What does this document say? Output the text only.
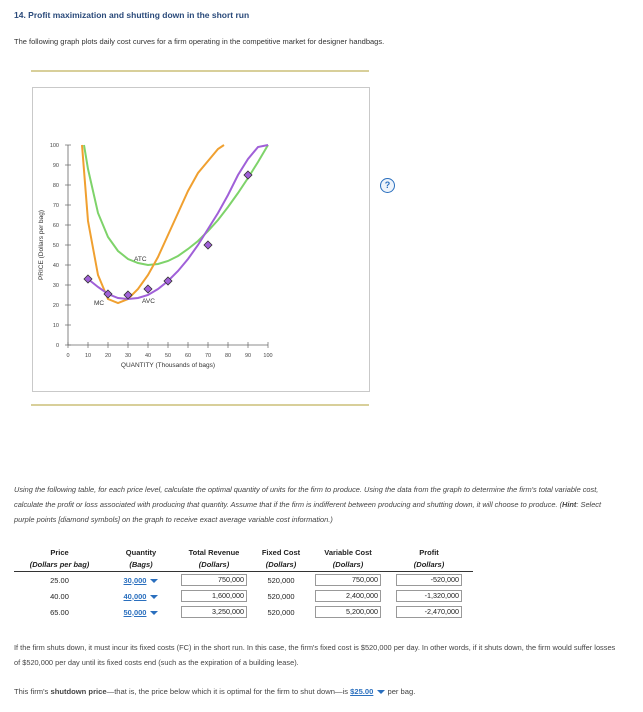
14. Profit maximization and shutting down in the short run
The following graph plots daily cost curves for a firm operating in the competitive market for designer handbags.
?
0	10	20	30	40	50	60	70	80	90 100
0
10
20
30
40
50
60
70
80
90
100
QUANTITY (Thousands of bags)
PRICE (Dollars per bag)	ATC
AVC
MC
Using the following table, for each price level, calculate the optimal quantity of units for the firm to produce. Using the data from the graph to determine the firm's total variable cost, calculate the profit or loss associated with producing that quantity. Assume that if the firm is indifferent between producing and shutting down, it will choose to produce. (Hint: Select purple points [diamond symbols] on the graph to receive exact average variable cost information.)
Price	Quantity	Total Revenue	Fixed Cost	Variable Cost	Profit
(Dollars per bag)	(Bags)	(Dollars)	(Dollars)	(Dollars)	(Dollars)
25.00	30,000	750,000	520,000	750,000	-520,000
40.00	40,000	1,600,000	520,000	2,400,000	-1,320,000
65.00	50,000	3,250,000	520,000	5,200,000	-2,470,000
If the firm shuts down, it must incur its fixed costs (FC) in the short run. In this case, the firm's fixed cost is $520,000 per day. In other words, if it shuts down, the firm would suffer losses of $520,000 per day until its fixed costs end (such as the expiration of a building lease).
This firm's shutdown price—that is, the price below which it is optimal for the firm to shut down—is $25.00 per bag.
